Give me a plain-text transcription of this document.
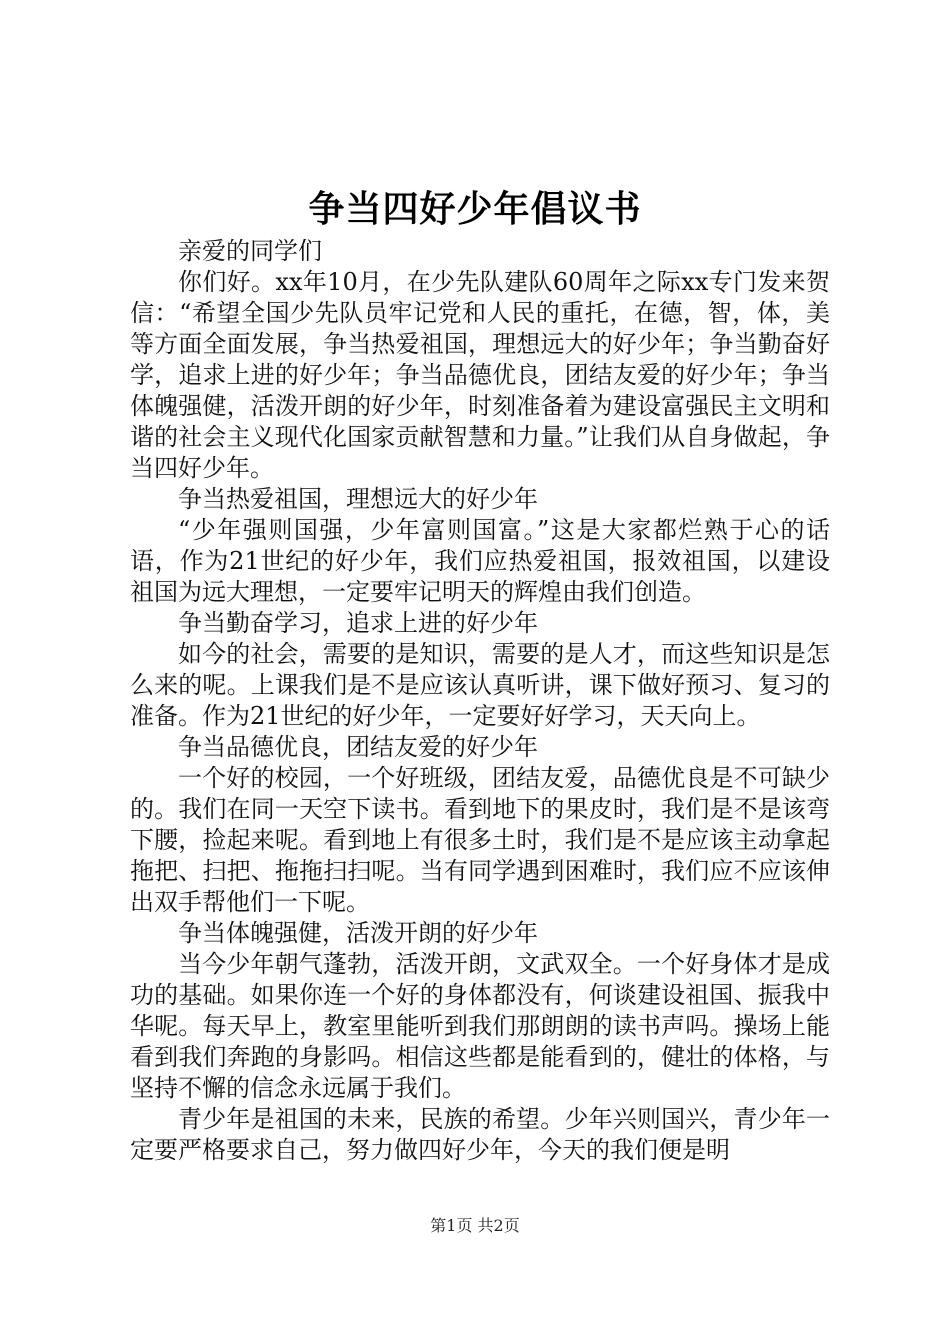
争当四好少年倡议书

亲爱的同学们

你们好。xx年10月，在少先队建队60周年之际xx专门发来贺信：“希望全国少先队员牢记党和人民的重托，在德，智，体，美等方面全面发展，争当热爱祖国，理想远大的好少年；争当勤奋好学，追求上进的好少年；争当品德优良，团结友爱的好少年；争当体魄强健，活泼开朗的好少年，时刻准备着为建设富强民主文明和谐的社会主义现代化国家贡献智慧和力量。”让我们从自身做起，争当四好少年。

争当热爱祖国，理想远大的好少年

“少年强则国强，少年富则国富。”这是大家都烂熟于心的话语，作为21世纪的好少年，我们应热爱祖国，报效祖国，以建设祖国为远大理想，一定要牢记明天的辉煌由我们创造。

争当勤奋学习，追求上进的好少年

如今的社会，需要的是知识，需要的是人才，而这些知识是怎么来的呢。上课我们是不是应该认真听讲，课下做好预习、复习的准备。作为21世纪的好少年，一定要好好学习，天天向上。

争当品德优良，团结友爱的好少年

一个好的校园，一个好班级，团结友爱，品德优良是不可缺少的。我们在同一天空下读书。看到地下的果皮时，我们是不是该弯下腰，捡起来呢。看到地上有很多土时，我们是不是应该主动拿起拖把、扫把、拖拖扫扫呢。当有同学遇到困难时，我们应不应该伸出双手帮他们一下呢。

争当体魄强健，活泼开朗的好少年

当今少年朝气蓬勃，活泼开朗，文武双全。一个好身体才是成功的基础。如果你连一个好的身体都没有，何谈建设祖国、振我中华呢。每天早上，教室里能听到我们那朗朗的读书声吗。操场上能看到我们奔跑的身影吗。相信这些都是能看到的，健壮的体格，与坚持不懈的信念永远属于我们。

青少年是祖国的未来，民族的希望。少年兴则国兴，青少年一定要严格要求自己，努力做四好少年，今天的我们便是明

第1页 共2页
